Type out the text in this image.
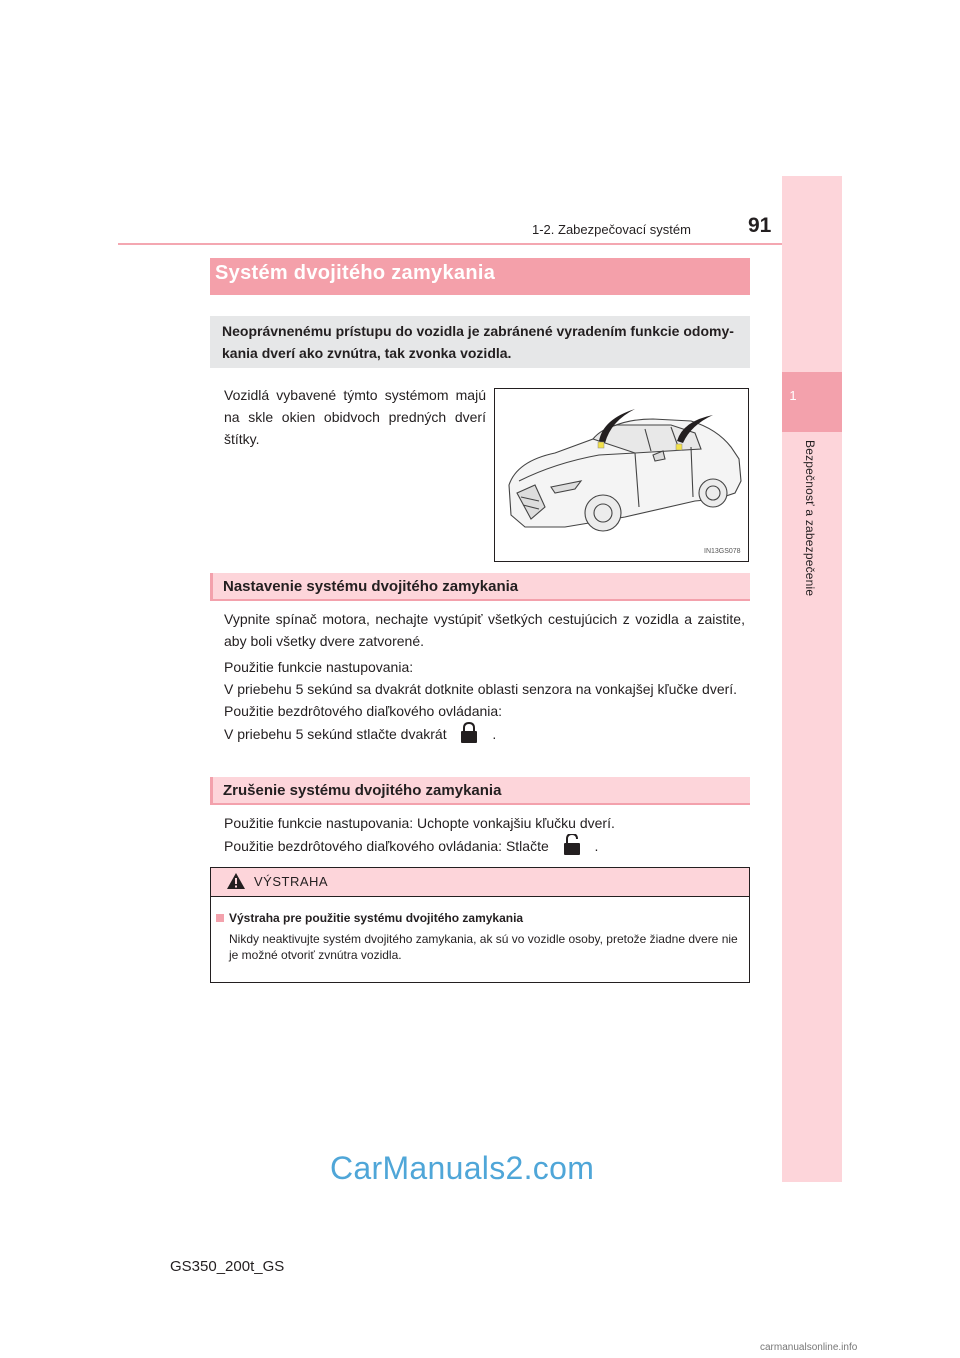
1-2. Zabezpečovací systém	91
1
Bezpečnosť a zabezpečenie
Systém dvojitého zamykania
Neoprávnenému prístupu do vozidla je zabránené vyradením funkcie odomy-kania dverí ako zvnútra, tak zvonka vozidla.
Vozidlá vybavené týmto systémom majú na skle okien obidvoch predných dverí štítky.
IN13GS078
Nastavenie systému dvojitého zamykania
Vypnite spínač motora, nechajte vystúpiť všetkých cestujúcich z vozidla a zaistite, aby boli všetky dvere zatvorené.
Použitie funkcie nastupovania:
V priebehu 5 sekúnd sa dvakrát dotknite oblasti senzora na vonkajšej kľučke dverí.
Použitie bezdrôtového diaľkového ovládania:
V priebehu 5 sekúnd stlačte dvakrát	.
Zrušenie systému dvojitého zamykania
Použitie funkcie nastupovania: Uchopte vonkajšiu kľučku dverí.
Použitie bezdrôtového diaľkového ovládania: Stlačte	.
VÝSTRAHA
Výstraha pre použitie systému dvojitého zamykania
Nikdy neaktivujte systém dvojitého zamykania, ak sú vo vozidle osoby, pretože žiadne dvere nie je možné otvoriť zvnútra vozidla.
CarManuals2.com
GS350_200t_GS
carmanualsonline.info
